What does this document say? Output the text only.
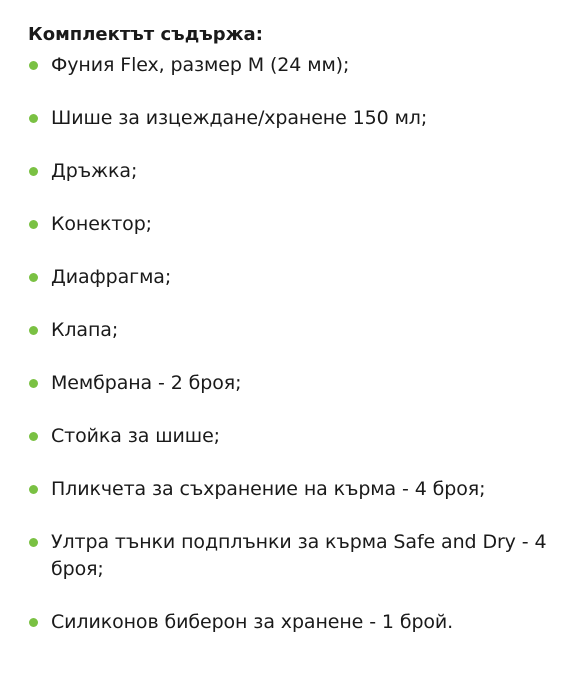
Комплектът съдържа:
Фуния Flex, размер М (24 мм);
Шише за изцеждане/хранене 150 мл;
Дръжка;
Конектор;
Диафрагма;
Клапа;
Мембрана - 2 броя;
Стойка за шише;
Пликчета за съхранение на кърма - 4 броя;
Ултра тънки подплънки за кърма Safe and Dry - 4 броя;
Силиконов биберон за хранене - 1 брой.
